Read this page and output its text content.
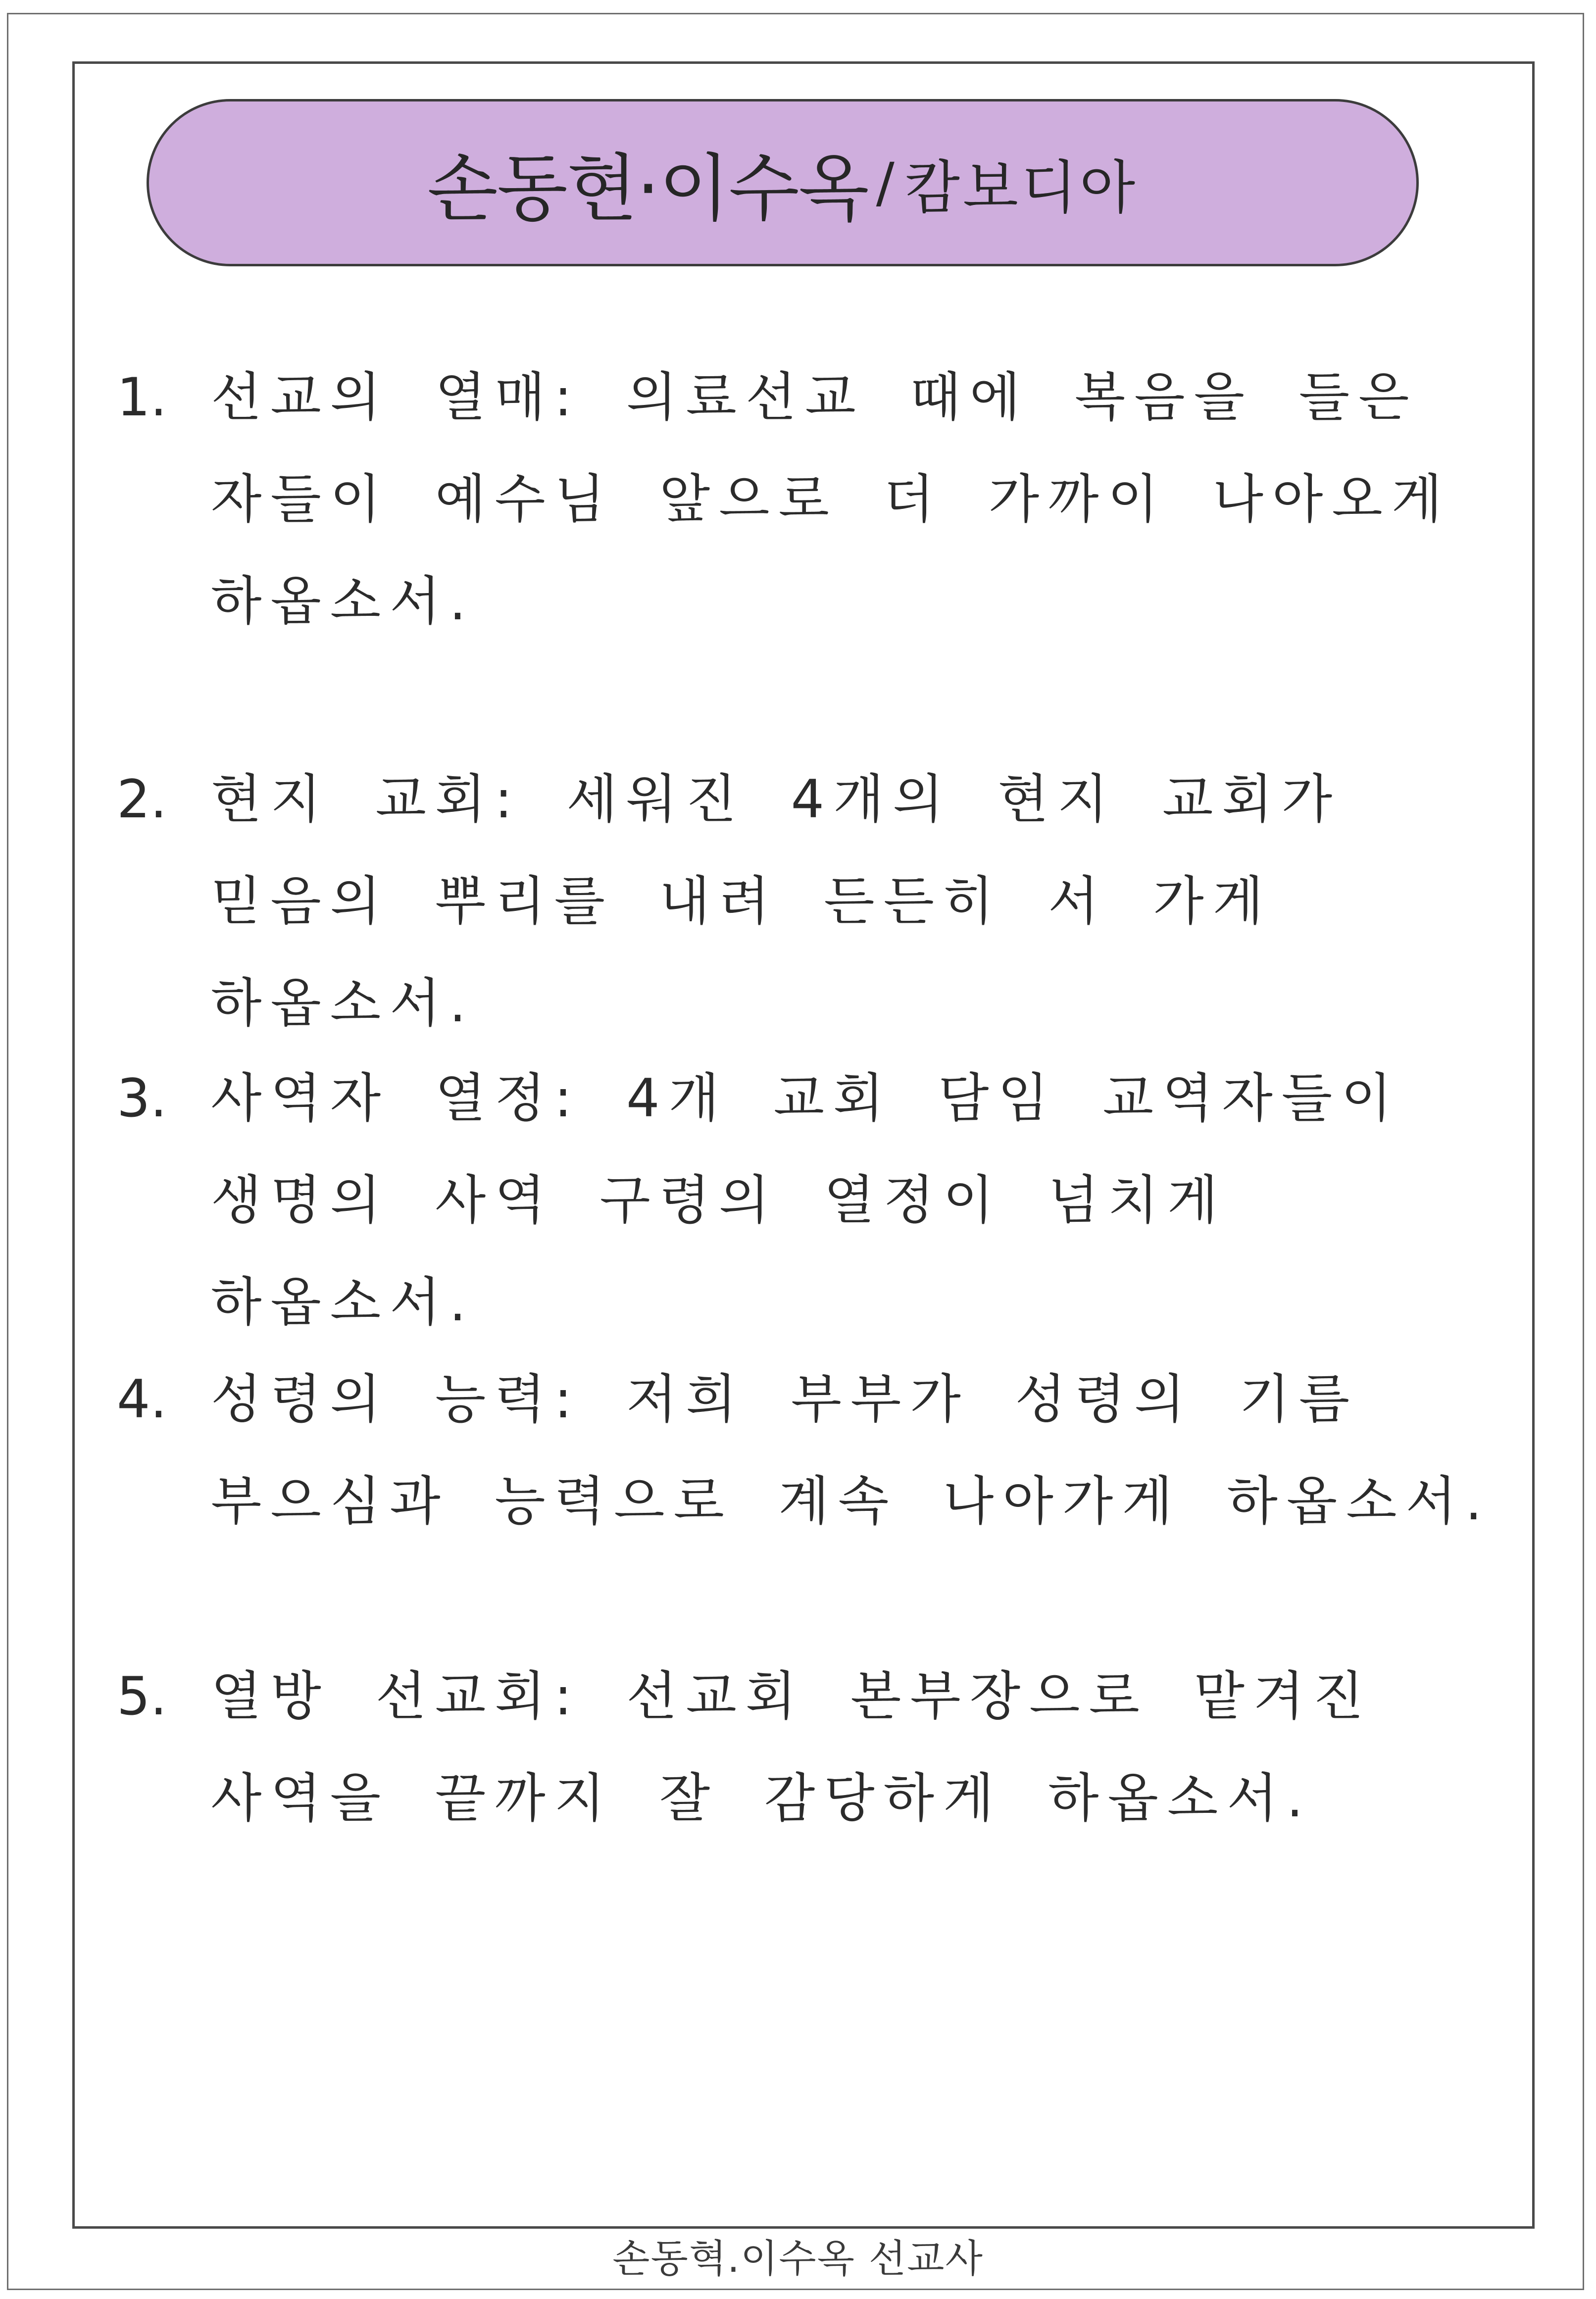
손동현·이수옥 / 캄보디아
1. 선교의 열매: 의료선교 때에 복음을 들은 자들이 예수님 앞으로 더 가까이 나아오게 하옵소서.
2. 현지 교회: 세워진 4개의 현지 교회가 믿음의 뿌리를 내려 든든히 서 가게 하옵소서.
3. 사역자 열정: 4개 교회 담임 교역자들이 생명의 사역 구령의 열정이 넘치게 하옵소서.
4. 성령의 능력: 저희 부부가 성령의 기름 부으심과 능력으로 계속 나아가게 하옵소서.
5. 열방 선교회: 선교회 본부장으로 맡겨진 사역을 끝까지 잘 감당하게 하옵소서.
손동혁.이수옥 선교사
